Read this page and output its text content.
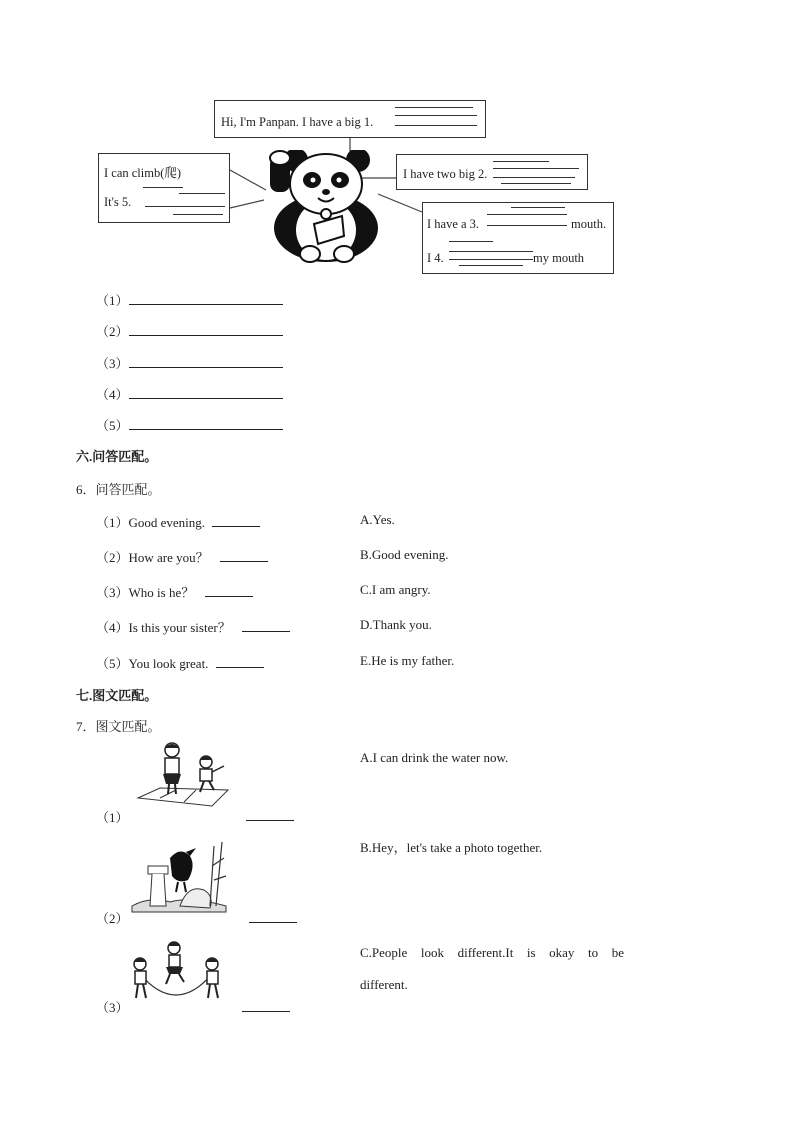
Hi, I'm Panpan. I have a big 1.
I can climb(爬)
It's 5.
I have two big 2.
I have a 3.	mouth.
I 4.	my mouth
（1）
（2）
（3）
（4）
（5）
六.问答匹配。
6．问答匹配。
（1）Good evening.
（2）How are you？
（3）Who is he？
（4）Is this your sister？
（5）You look great.
A.Yes.
B.Good evening.
C.I am angry.
D.Thank you.
E.He is my father.
七.图文匹配。
7．图文匹配。
（1）
（2）
（3）
A.I can drink the water now.
B.Hey，let's take a photo together.
C.People look different.It is okay to be
different.
